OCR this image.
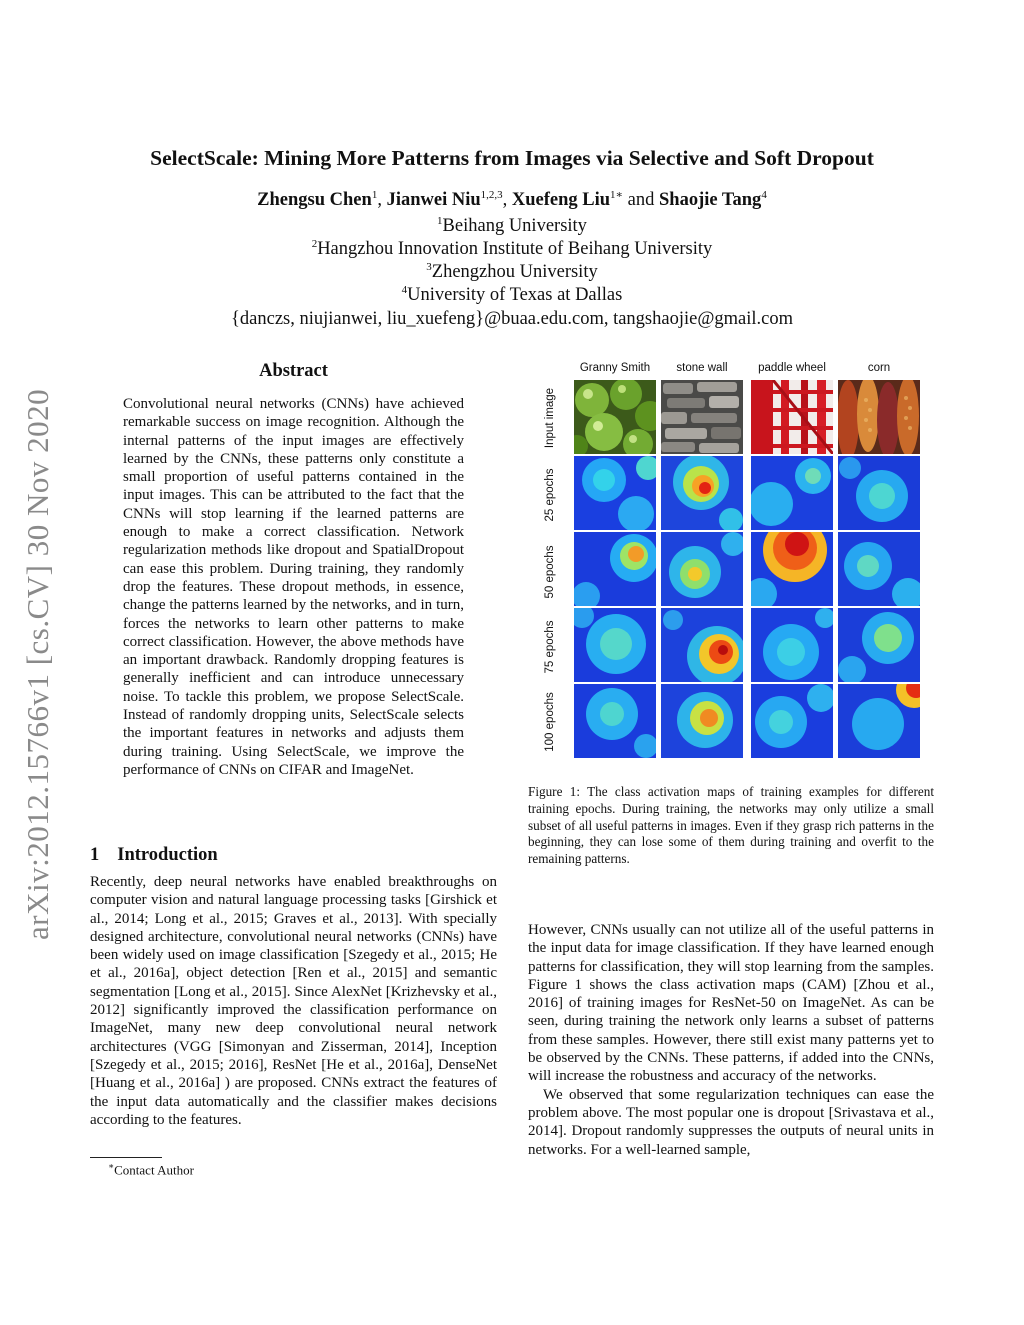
arXiv:2012.15766v1 [cs.CV] 30 Nov 2020
SelectScale: Mining More Patterns from Images via Selective and Soft Dropout
Zhengsu Chen$^1$, Jianwei Niu$^{1,2,3}$, Xuefeng Liu$^{1∗}$ and Shaojie Tang$^4$
$^1$Beihang University
$^2$Hangzhou Innovation Institute of Beihang University
$^3$Zhengzhou University
$^4$University of Texas at Dallas
{danczs, niujianwei, liu_xuefeng}@buaa.edu.com, tangshaojie@gmail.com
Abstract
Convolutional neural networks (CNNs) have achieved remarkable success on image recognition. Although the internal patterns of the input images are effectively learned by the CNNs, these patterns only constitute a small proportion of useful patterns contained in the input images. This can be attributed to the fact that the CNNs will stop learning if the learned patterns are enough to make a correct classification. Network regularization methods like dropout and SpatialDropout can ease this problem. During training, they randomly drop the features. These dropout methods, in essence, change the patterns learned by the networks, and in turn, forces the networks to learn other patterns to make correct classification. However, the above methods have an important drawback. Randomly dropping features is generally inefficient and can introduce unnecessary noise. To tackle this problem, we propose SelectScale. Instead of randomly dropping units, SelectScale selects the important features in networks and adjusts them during training. Using SelectScale, we improve the performance of CNNs on CIFAR and ImageNet.
1 Introduction
Recently, deep neural networks have enabled breakthroughs on computer vision and natural language processing tasks [Girshick et al., 2014; Long et al., 2015; Graves et al., 2013]. With specially designed architecture, convolutional neural networks (CNNs) have been widely used on image classification [Szegedy et al., 2015; He et al., 2016a], object detection [Ren et al., 2015] and semantic segmentation [Long et al., 2015]. Since AlexNet [Krizhevsky et al., 2012] significantly improved the classification performance on ImageNet, many new deep convolutional neural network architectures (VGG [Simonyan and Zisserman, 2014], Inception [Szegedy et al., 2015; 2016], ResNet [He et al., 2016a], DenseNet [Huang et al., 2016a] ) are proposed. CNNs extract the features of the input data automatically and the classifier makes decisions according to the features.
∗Contact Author
Granny Smith	stone wall	paddle wheel	corn
Input image
25 epochs
50 epochs
75 epochs
100 epochs
Figure 1: The class activation maps of training examples for different training epochs. During training, the networks may only utilize a small subset of all useful patterns in images. Even if they grasp rich patterns in the beginning, they can lose some of them during training and overfit to the remaining patterns.

However, CNNs usually can not utilize all of the useful patterns in the input data for image classification. If they have learned enough patterns for classification, they will stop learning from the samples. Figure 1 shows the class activation maps (CAM) [Zhou et al., 2016] of training images for ResNet-50 on ImageNet. As can be seen, during training the network only learns a subset of patterns from these samples. However, there still exist many patterns yet to be observed by the CNNs. These patterns, if added into the CNNs, will increase the robustness and accuracy of the networks.

We observed that some regularization techniques can ease the problem above. The most popular one is dropout [Srivastava et al., 2014]. Dropout randomly suppresses the outputs of neural units in networks. For a well-learned sample,
